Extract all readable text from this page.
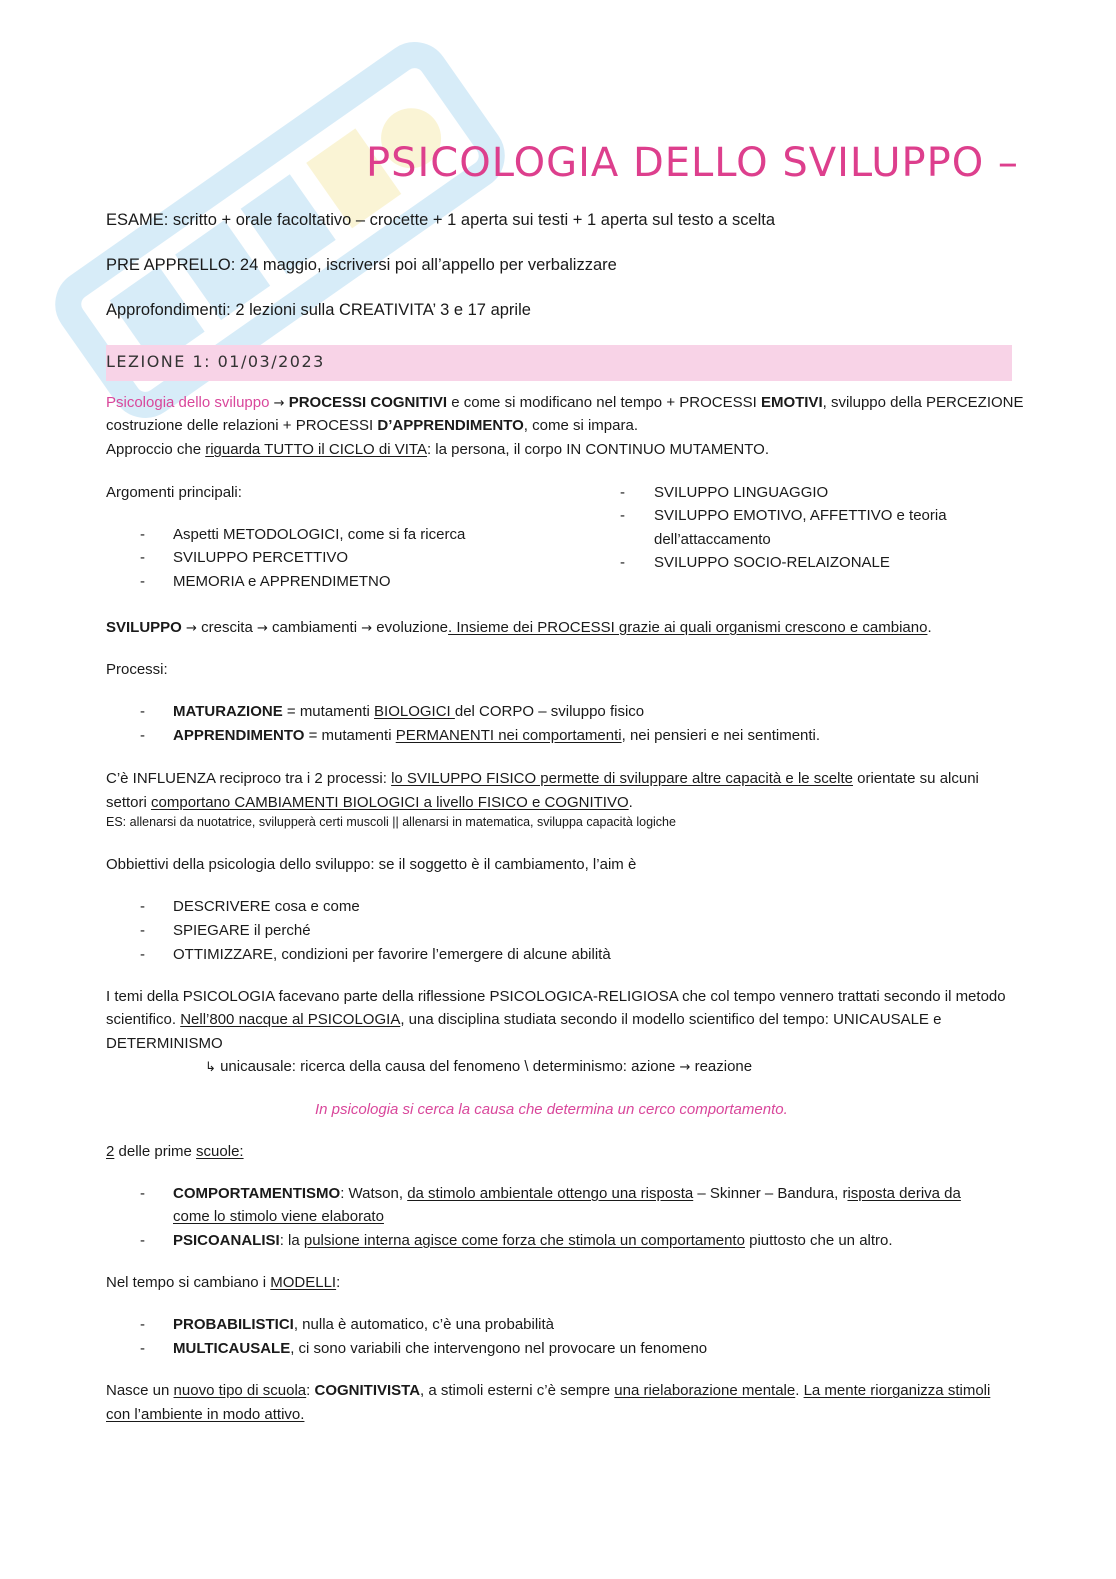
PSICOLOGIA DELLO SVILUPPO –
ESAME: scritto + orale facoltativo – crocette + 1 aperta sui testi + 1 aperta sul testo a scelta
PRE APPRELLO: 24 maggio, iscriversi poi all’appello per verbalizzare
Approfondimenti: 2 lezioni sulla CREATIVITA’ 3 e 17 aprile
LEZIONE 1: 01/03/2023
Psicologia dello sviluppo → PROCESSI COGNITIVI e come si modificano nel tempo + PROCESSI EMOTIVI, sviluppo della PERCEZIONE
costruzione delle relazioni + PROCESSI D’APPRENDIMENTO, come si impara.
Approccio che riguarda TUTTO il CICLO di VITA: la persona, il corpo IN CONTINUO MUTAMENTO.
Argomenti principali:
- Aspetti METODOLOGICI, come si fa ricerca
- SVILUPPO PERCETTIVO
- MEMORIA e APPRENDIMETNO
- SVILUPPO LINGUAGGIO
- SVILUPPO EMOTIVO, AFFETTIVO e teoria
dell’attaccamento
- SVILUPPO SOCIO-RELAIZONALE
SVILUPPO → crescita → cambiamenti → evoluzione. Insieme dei PROCESSI grazie ai quali organismi crescono e cambiano.
Processi:
- MATURAZIONE = mutamenti BIOLOGICI del CORPO – sviluppo fisico
- APPRENDIMENTO = mutamenti PERMANENTI nei comportamenti, nei pensieri e nei sentimenti.
C’è INFLUENZA reciproco tra i 2 processi: lo SVILUPPO FISICO permette di sviluppare altre capacità e le scelte orientate su alcuni
settori comportano CAMBIAMENTI BIOLOGICI a livello FISICO e COGNITIVO.
ES: allenarsi da nuotatrice, svilupperà certi muscoli || allenarsi in matematica, sviluppa capacità logiche
Obbiettivi della psicologia dello sviluppo: se il soggetto è il cambiamento, l’aim è
- DESCRIVERE cosa e come
- SPIEGARE il perché
- OTTIMIZZARE, condizioni per favorire l’emergere di alcune abilità
I temi della PSICOLOGIA facevano parte della riflessione PSICOLOGICA-RELIGIOSA che col tempo vennero trattati secondo il metodo
scientifico. Nell’800 nacque al PSICOLOGIA, una disciplina studiata secondo il modello scientifico del tempo: UNICAUSALE e
DETERMINISMO
↳ unicausale: ricerca della causa del fenomeno \ determinismo: azione → reazione
In psicologia si cerca la causa che determina un cerco comportamento.
2 delle prime scuole:
- COMPORTAMENTISMO: Watson, da stimolo ambientale ottengo una risposta – Skinner – Bandura, risposta deriva da
come lo stimolo viene elaborato
- PSICOANALISI: la pulsione interna agisce come forza che stimola un comportamento piuttosto che un altro.
Nel tempo si cambiano i MODELLI:
- PROBABILISTICI, nulla è automatico, c’è una probabilità
- MULTICAUSALE, ci sono variabili che intervengono nel provocare un fenomeno
Nasce un nuovo tipo di scuola: COGNITIVISTA, a stimoli esterni c’è sempre una rielaborazione mentale. La mente riorganizza stimoli
con l’ambiente in modo attivo.
